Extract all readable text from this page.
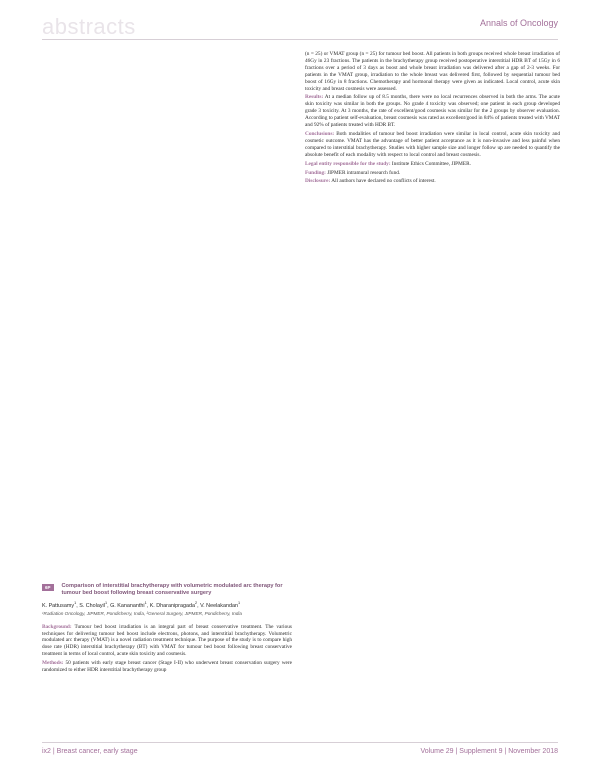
abstracts	Annals of Oncology

(n = 25) or VMAT group (n = 25) for tumour bed boost. All patients in both groups received whole breast irradiation of 46Gy in 23 fractions. The patients in the brachytherapy group received postoperative interstitial HDR BT of 15Gy in 6 fractions over a period of 3 days as boost and whole breast irradiation was delivered after a gap of 2-3 weeks. For patients in the VMAT group, irradiation to the whole breast was delivered first, followed by sequential tumour bed boost of 16Gy in 8 fractions. Chemotherapy and hormonal therapy were given as indicated. Local control, acute skin toxicity and breast cosmesis were assessed.

Results: At a median follow up of 8.5 months, there were no local recurrences observed in both the arms. The acute skin toxicity was similar in both the groups. No grade 4 toxicity was observed; one patient in each group developed grade 3 toxicity. At 3 months, the rate of excellent/good cosmesis was similar for the 2 groups by observer evaluation. According to patient self-evaluation, breast cosmesis was rated as excellent/good in 84% of patients treated with VMAT and 92% of patients treated with HDR BT.

Conclusions: Both modalities of tumour bed boost irradiation were similar in local control, acute skin toxicity and cosmetic outcome. VMAT has the advantage of better patient acceptance as it is non-invasive and less painful when compared to interstitial brachytherapy. Studies with higher sample size and longer follow up are needed to quantify the absolute benefit of each modality with respect to local control and breast cosmesis.

Legal entity responsible for the study: Institute Ethics Committee, JIPMER.

Funding: JIPMER intramural research fund.

Disclosure: All authors have declared no conflicts of interest.

6P	Comparison of interstitial brachytherapy with volumetric modulated arc therapy for tumour bed boost following breast conservative surgery
K. Pattusamy$^1$, S. Cholayil$^1$, G. Kanananthi$^1$, K. Dharanipragada$^2$, V. Neelakandan$^1$
¹Radiation Oncology, JIPMER, Pondicherry, India, ²General Surgery, JIPMER, Pondicherry, India

Background: Tumour bed boost irradiation is an integral part of breast conservative treatment. The various techniques for delivering tumour bed boost include electrons, photons, and interstitial brachytherapy. Volumetric modulated arc therapy (VMAT) is a novel radiation treatment technique. The purpose of the study is to compare high dose rate (HDR) interstitial brachytherapy (BT) with VMAT for tumour bed boost following breast conservative treatment in terms of local control, acute skin toxicity and cosmesis.

Methods: 50 patients with early stage breast cancer (Stage I-II) who underwent breast conservation surgery were randomized to either HDR interstitial brachytherapy group

ix2 | Breast cancer, early stage	Volume 29 | Supplement 9 | November 2018
